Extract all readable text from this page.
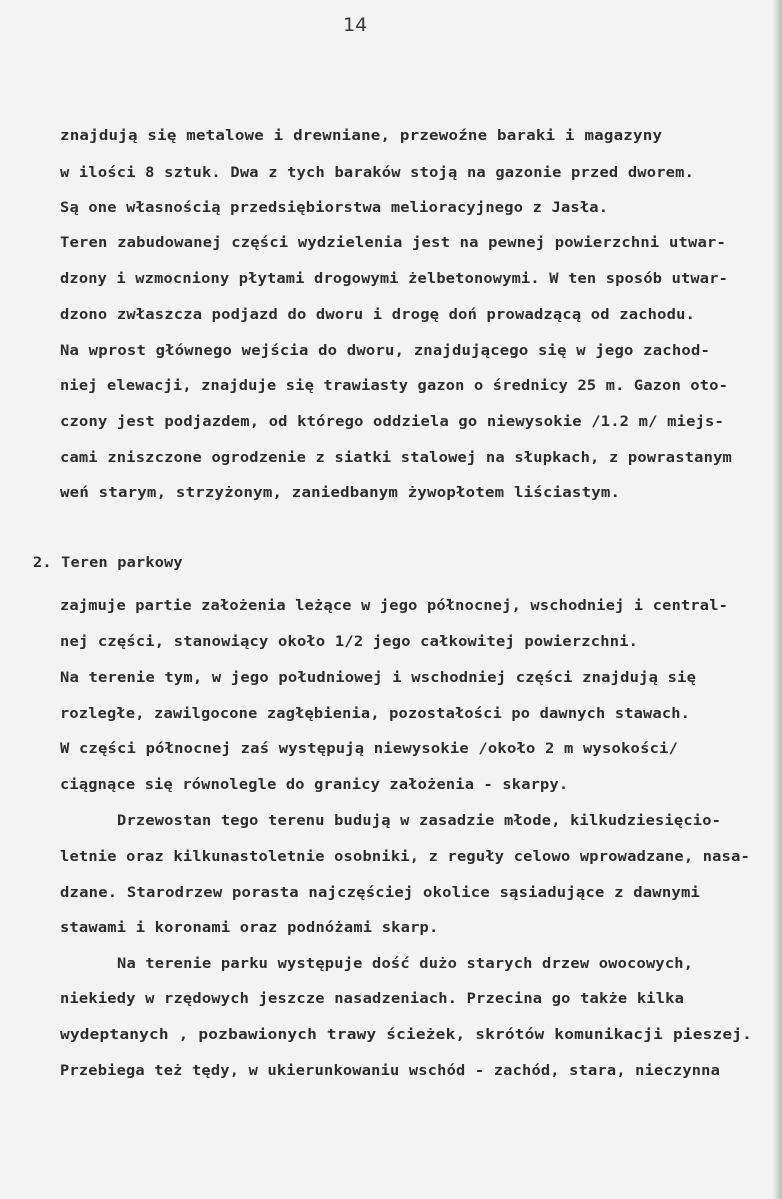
14
znajdują się metalowe i drewniane, przewoźne baraki i magazyny
w ilości 8 sztuk. Dwa z tych baraków stoją na gazonie przed dworem.
Są one własnością przedsiębiorstwa melioracyjnego z Jasła.
Teren zabudowanej części wydzielenia jest na pewnej powierzchni utwar-
dzony i wzmocniony płytami drogowymi żelbetonowymi. W ten sposób utwar-
dzono zwłaszcza podjazd do dworu i drogę doń prowadzącą od zachodu.
Na wprost głównego wejścia do dworu, znajdującego się w jego zachod-
niej elewacji, znajduje się trawiasty gazon o średnicy 25 m. Gazon oto-
czony jest podjazdem, od którego oddziela go niewysokie /1.2 m/ miejs-
cami zniszczone ogrodzenie z siatki stalowej na słupkach, z powrastanym
weń starym, strzyżonym, zaniedbanym żywopłotem liściastym.
2. Teren parkowy
zajmuje partie założenia leżące w jego północnej, wschodniej i central-
nej części, stanowiący około 1/2 jego całkowitej powierzchni.
Na terenie tym, w jego południowej i wschodniej części znajdują się
rozległe, zawilgocone zagłębienia, pozostałości po dawnych stawach.
W części północnej zaś występują niewysokie /około 2 m wysokości/
ciągnące się równolegle do granicy założenia - skarpy.
Drzewostan tego terenu budują w zasadzie młode, kilkudziesięcio-
letnie oraz kilkunastoletnie osobniki, z reguły celowo wprowadzane, nasa-
dzane. Starodrzew porasta najczęściej okolice sąsiadujące z dawnymi
stawami i koronami oraz podnóżami skarp.
Na terenie parku występuje dość dużo starych drzew owocowych,
niekiedy w rzędowych jeszcze nasadzeniach. Przecina go także kilka
wydeptanych , pozbawionych trawy ścieżek, skrótów komunikacji pieszej.
Przebiega też tędy, w ukierunkowaniu wschód - zachód, stara, nieczynna
